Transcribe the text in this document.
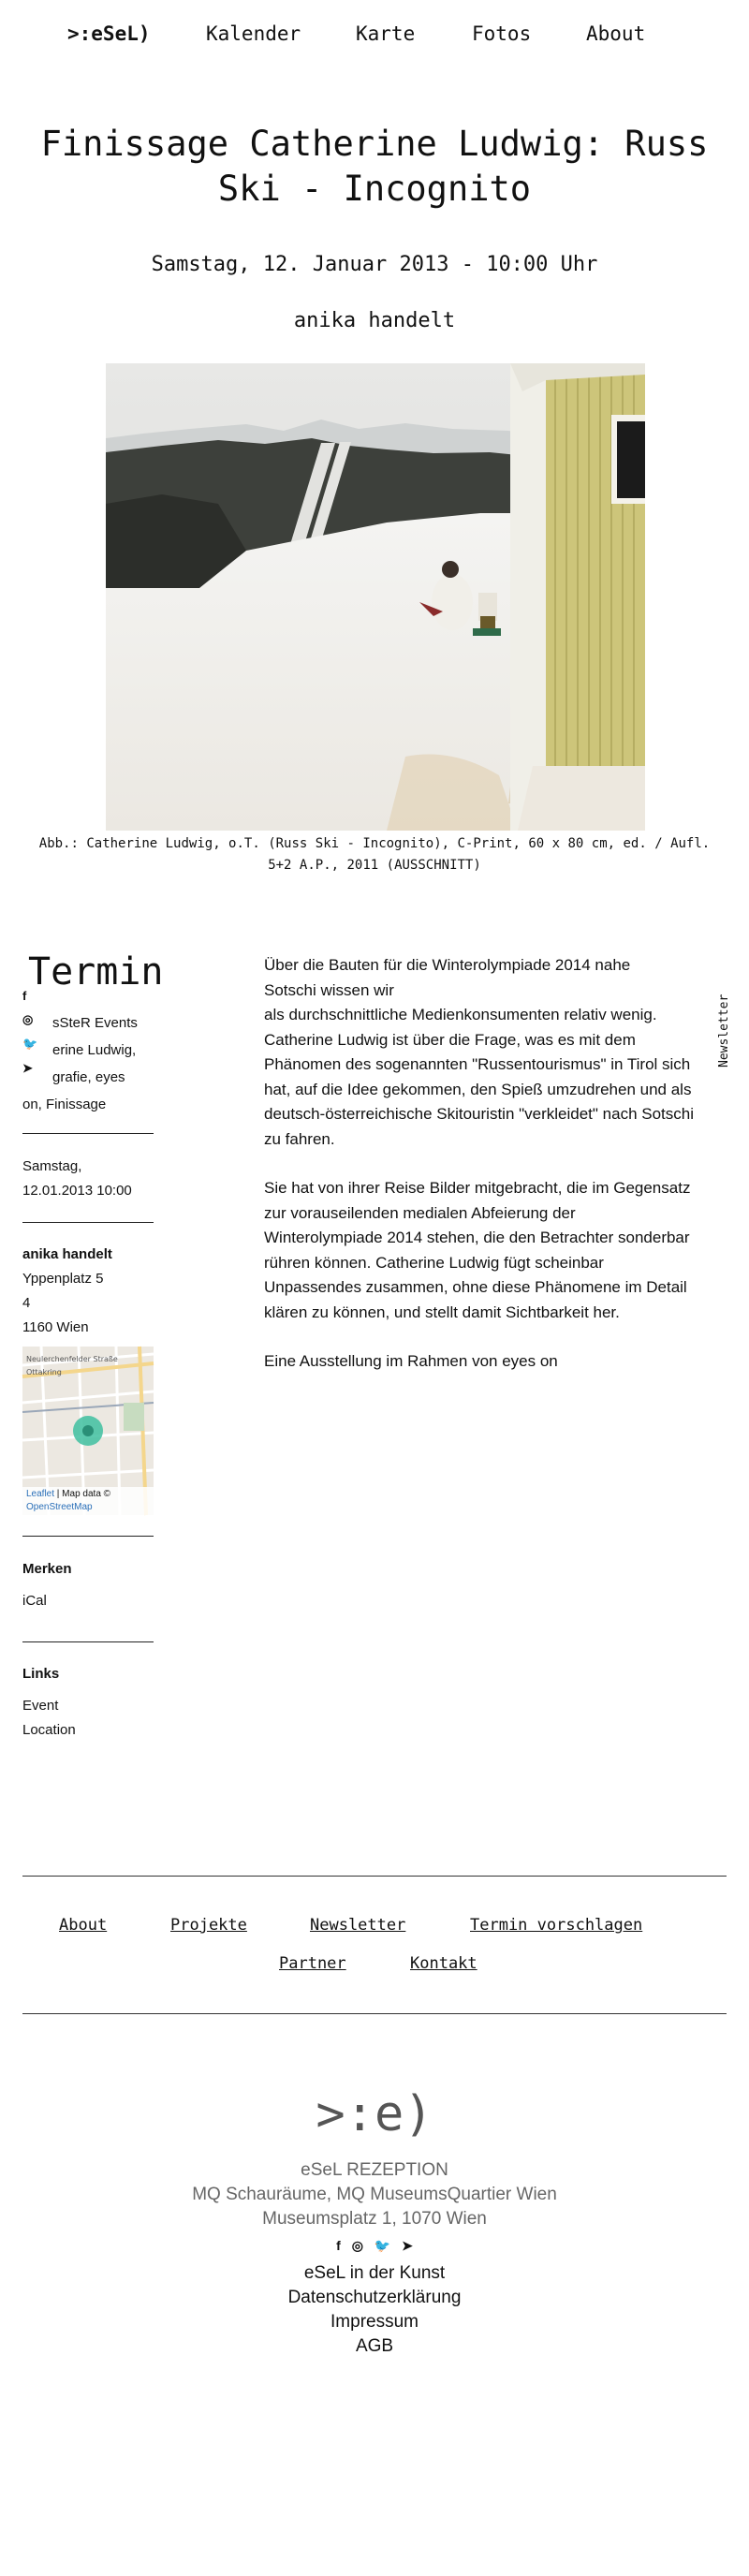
>:eSeL)	Kalender	Karte	Fotos	About
Finissage Catherine Ludwig: Russ Ski - Incognito
Samstag, 12. Januar 2013 - 10:00 Uhr
anika handelt
Abb.: Catherine Ludwig, o.T. (Russ Ski - Incognito), C-Print, 60 x 80 cm, ed. / Aufl. 5+2 A.P., 2011 (AUSSCHNITT)
Termin
f
◎
🐦
➤
sSteR Events
erine Ludwig,
grafie, eyes
on, Finissage
Samstag,
12.01.2013 10:00
anika handelt
Yppenplatz 5
4
1160 Wien
Neulerchenfelder Straße
Ottakring
Leaflet | Map data ©
OpenStreetMap
Merken
iCal
Links
Event
Location

Über die Bauten für die Winterolympiade 2014 nahe
Sotschi wissen wir
als durchschnittliche Medienkonsumenten relativ wenig. Catherine Ludwig ist über die Frage, was es mit dem Phänomen des sogenannten "Russentourismus" in Tirol sich hat, auf die Idee gekommen, den Spieß umzudrehen und als deutsch-österreichische Skitouristin "verkleidet" nach Sotschi zu fahren.

Sie hat von ihrer Reise Bilder mitgebracht, die im Gegensatz zur vorauseilenden medialen Abfeierung der Winterolympiade 2014 stehen, die den Betrachter sonderbar rühren können. Catherine Ludwig fügt scheinbar Unpassendes zusammen, ohne diese Phänomene im Detail klären zu können, und stellt damit Sichtbarkeit her.

Eine Ausstellung im Rahmen von eyes on

Newsletter
About	Projekte	Newsletter	Termin vorschlagen
Partner	Kontakt
>:e)
eSeL REZEPTION
MQ Schauräume, MQ MuseumsQuartier Wien
Museumsplatz 1, 1070 Wien
f ◎ 🐦 ➤
eSeL in der Kunst
Datenschutzerklärung
Impressum
AGB
